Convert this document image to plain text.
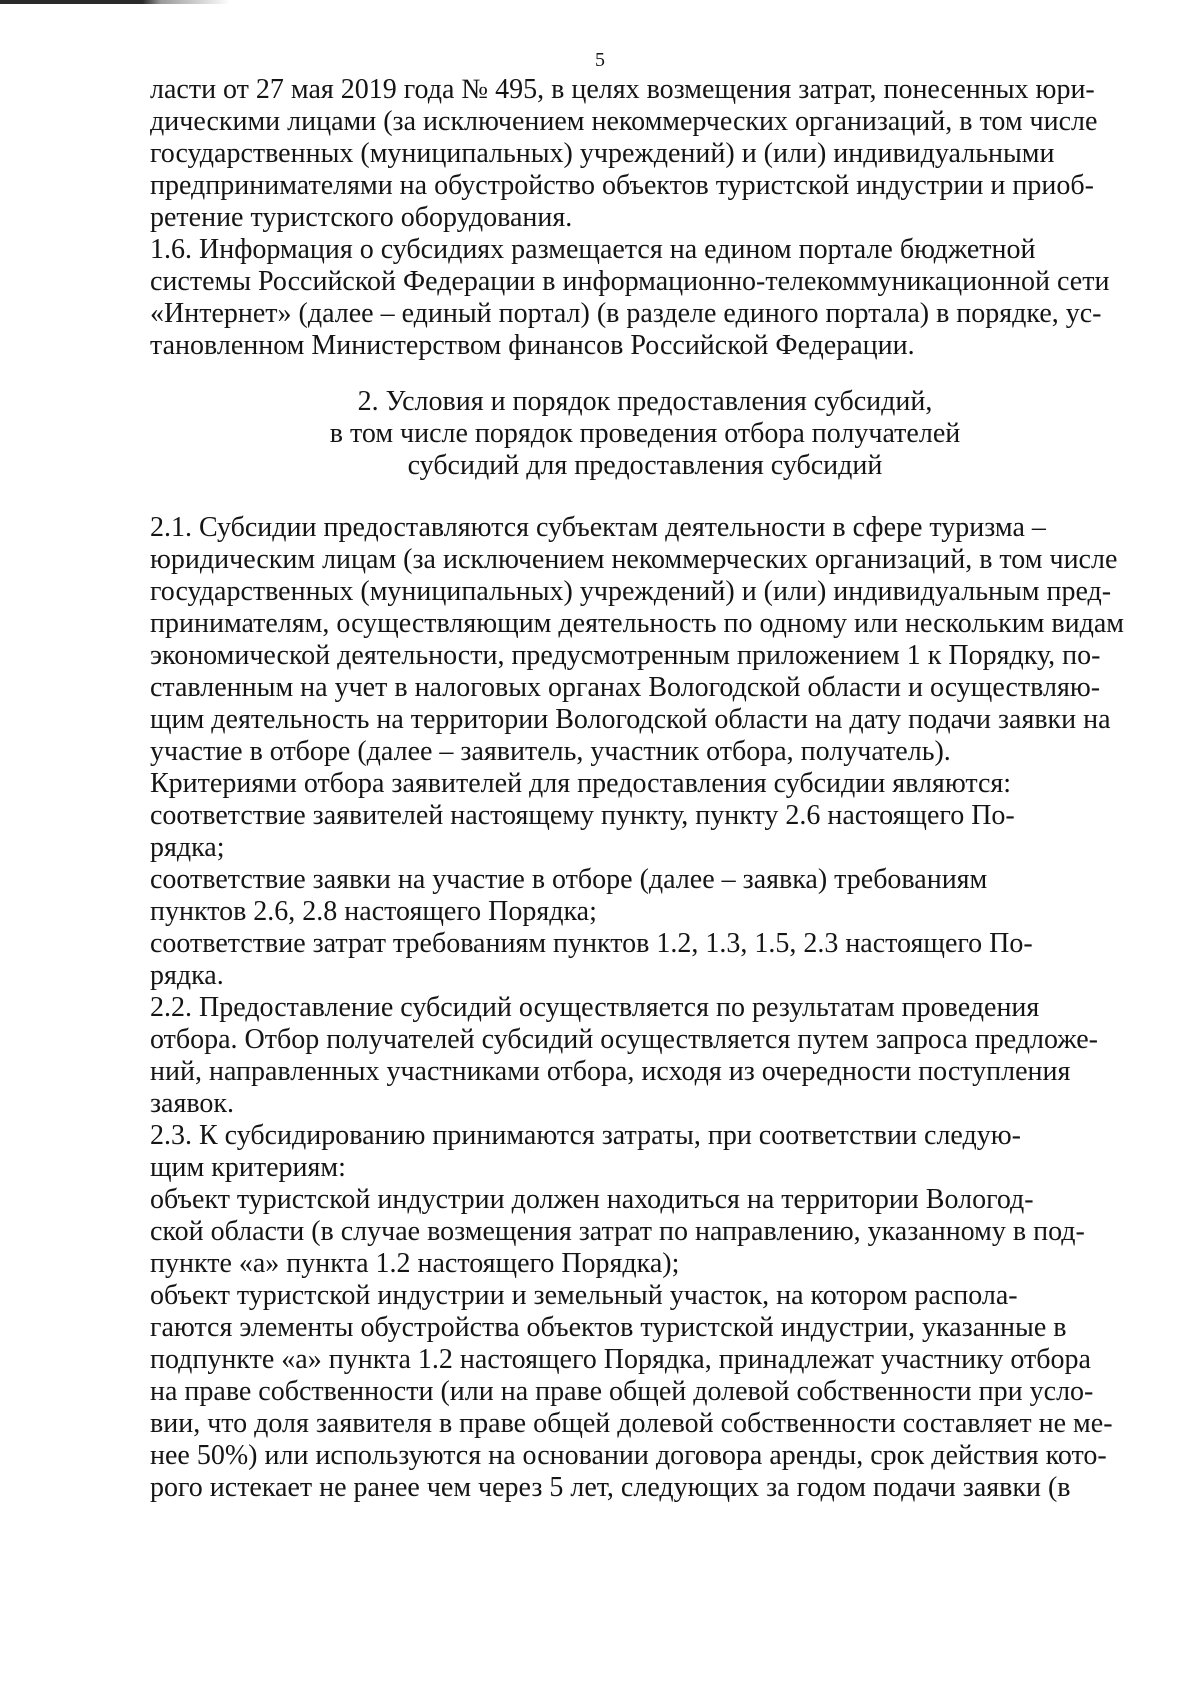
5

ласти от 27 мая 2019 года № 495, в целях возмещения затрат, понесенных юри-
дическими лицами (за исключением некоммерческих организаций, в том числе
государственных (муниципальных) учреждений) и (или) индивидуальными
предпринимателями на обустройство объектов туристской индустрии и приоб-
ретение туристского оборудования.

1.6. Информация о субсидиях размещается на едином портале бюджетной
системы Российской Федерации в информационно-телекоммуникационной сети
«Интернет» (далее – единый портал) (в разделе единого портала) в порядке, ус-
тановленном Министерством финансов Российской Федерации.

2. Условия и порядок предоставления субсидий,
в том числе порядок проведения отбора получателей
субсидий для предоставления субсидий

2.1. Субсидии предоставляются субъектам деятельности в сфере туризма –
юридическим лицам (за исключением некоммерческих организаций, в том числе
государственных (муниципальных) учреждений) и (или) индивидуальным пред-
принимателям, осуществляющим деятельность по одному или нескольким видам
экономической деятельности, предусмотренным приложением 1 к Порядку, по-
ставленным на учет в налоговых органах Вологодской области и осуществляю-
щим деятельность на территории Вологодской области на дату подачи заявки на
участие в отборе (далее – заявитель, участник отбора, получатель).

Критериями отбора заявителей для предоставления субсидии являются:

соответствие заявителей настоящему пункту, пункту 2.6 настоящего По-
рядка;

соответствие заявки на участие в отборе (далее – заявка) требованиям
пунктов 2.6, 2.8 настоящего Порядка;

соответствие затрат требованиям пунктов 1.2, 1.3, 1.5, 2.3 настоящего По-
рядка.

2.2. Предоставление субсидий осуществляется по результатам проведения
отбора. Отбор получателей субсидий осуществляется путем запроса предложе-
ний, направленных участниками отбора, исходя из очередности поступления
заявок.

2.3. К субсидированию принимаются затраты, при соответствии следую-
щим критериям:

объект туристской индустрии должен находиться на территории Вологод-
ской области (в случае возмещения затрат по направлению, указанному в под-
пункте «а» пункта 1.2 настоящего Порядка);

объект туристской индустрии и земельный участок, на котором распола-
гаются элементы обустройства объектов туристской индустрии, указанные в
подпункте «а» пункта 1.2 настоящего Порядка, принадлежат участнику отбора
на праве собственности (или на праве общей долевой собственности при усло-
вии, что доля заявителя в праве общей долевой собственности составляет не ме-
нее 50%) или используются на основании договора аренды, срок действия кото-
рого истекает не ранее чем через 5 лет, следующих за годом подачи заявки (в
